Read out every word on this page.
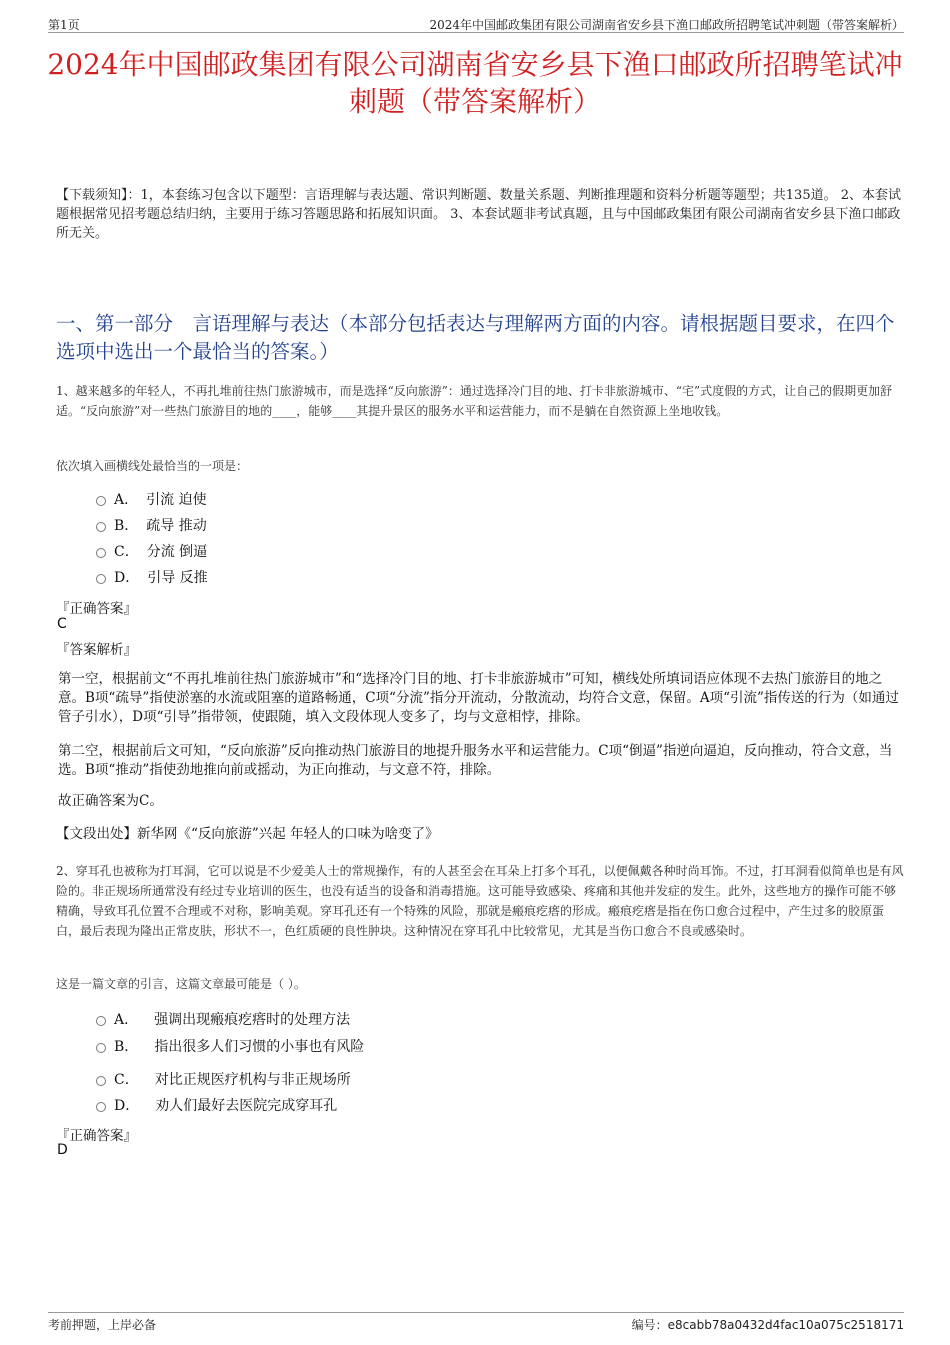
第1页	2024年中国邮政集团有限公司湖南省安乡县下渔口邮政所招聘笔试冲刺题（带答案解析）
2024年中国邮政集团有限公司湖南省安乡县下渔口邮政所招聘笔试冲刺题（带答案解析）
【下载须知】：1，本套练习包含以下题型：言语理解与表达题、常识判断题、数量关系题、判断推理题和资料分析题等题型；共135道。 2、本套试题根据常见招考题总结归纳，主要用于练习答题思路和拓展知识面。 3、本套试题非考试真题，且与中国邮政集团有限公司湖南省安乡县下渔口邮政所无关。
一、第一部分　言语理解与表达（本部分包括表达与理解两方面的内容。请根据题目要求，在四个选项中选出一个最恰当的答案。）
1、越来越多的年轻人，不再扎堆前往热门旅游城市，而是选择“反向旅游”：通过选择冷门目的地、打卡非旅游城市、“宅”式度假的方式，让自己的假期更加舒适。“反向旅游”对一些热门旅游目的地的____，能够____其提升景区的服务水平和运营能力，而不是躺在自然资源上坐地收钱。
依次填入画横线处最恰当的一项是：
A． 引流 迫使
B． 疏导 推动
C． 分流 倒逼
D． 引导 反推
『正确答案』
C
『答案解析』
第一空，根据前文“不再扎堆前往热门旅游城市”和“选择冷门目的地、打卡非旅游城市”可知，横线处所填词语应体现不去热门旅游目的地之意。B项“疏导”指使淤塞的水流或阻塞的道路畅通，C项“分流”指分开流动，分散流动，均符合文意，保留。A项“引流”指传送的行为（如通过管子引水），D项“引导”指带领，使跟随，填入文段体现人变多了，均与文意相悖，排除。
第二空，根据前后文可知，“反向旅游”反向推动热门旅游目的地提升服务水平和运营能力。C项“倒逼”指逆向逼迫，反向推动，符合文意，当选。B项“推动”指使劲地推向前或摇动，为正向推动，与文意不符，排除。
故正确答案为C。
【文段出处】新华网《“反向旅游”兴起 年轻人的口味为啥变了》
2、穿耳孔也被称为打耳洞，它可以说是不少爱美人士的常规操作，有的人甚至会在耳朵上打多个耳孔，以便佩戴各种时尚耳饰。不过，打耳洞看似简单也是有风险的。非正规场所通常没有经过专业培训的医生，也没有适当的设备和消毒措施。这可能导致感染、疼痛和其他并发症的发生。此外，这些地方的操作可能不够精确，导致耳孔位置不合理或不对称，影响美观。穿耳孔还有一个特殊的风险，那就是瘢痕疙瘩的形成。瘢痕疙瘩是指在伤口愈合过程中，产生过多的胶原蛋白，最后表现为隆出正常皮肤，形状不一，色红质硬的良性肿块。这种情况在穿耳孔中比较常见，尤其是当伤口愈合不良或感染时。
这是一篇文章的引言，这篇文章最可能是（ ）。
A． 强调出现瘢痕疙瘩时的处理方法
B． 指出很多人们习惯的小事也有风险
C． 对比正规医疗机构与非正规场所
D． 劝人们最好去医院完成穿耳孔
『正确答案』
D
考前押题，上岸必备	编号：e8cabb78a0432d4fac10a075c2518171
